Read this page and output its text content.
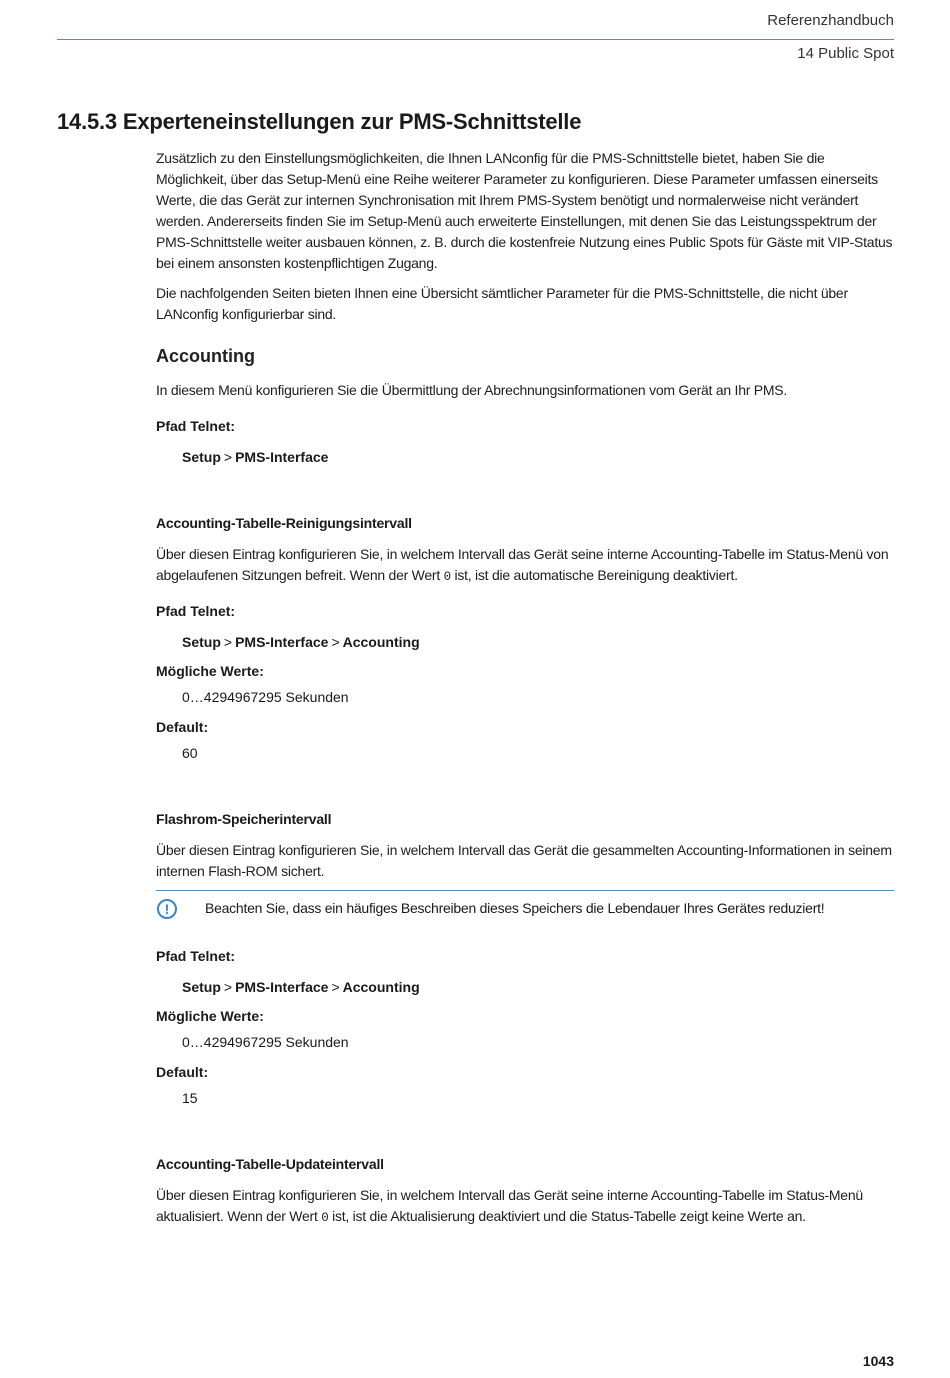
Referenzhandbuch
14 Public Spot
14.5.3 Experteneinstellungen zur PMS-Schnittstelle
Zusätzlich zu den Einstellungsmöglichkeiten, die Ihnen LANconfig für die PMS-Schnittstelle bietet, haben Sie die Möglichkeit, über das Setup-Menü eine Reihe weiterer Parameter zu konfigurieren. Diese Parameter umfassen einerseits Werte, die das Gerät zur internen Synchronisation mit Ihrem PMS-System benötigt und normalerweise nicht verändert werden. Andererseits finden Sie im Setup-Menü auch erweiterte Einstellungen, mit denen Sie das Leistungsspektrum der PMS-Schnittstelle weiter ausbauen können, z. B. durch die kostenfreie Nutzung eines Public Spots für Gäste mit VIP-Status bei einem ansonsten kostenpflichtigen Zugang.
Die nachfolgenden Seiten bieten Ihnen eine Übersicht sämtlicher Parameter für die PMS-Schnittstelle, die nicht über LANconfig konfigurierbar sind.
Accounting
In diesem Menü konfigurieren Sie die Übermittlung der Abrechnungsinformationen vom Gerät an Ihr PMS.
Pfad Telnet:
Setup > PMS-Interface
Accounting-Tabelle-Reinigungsintervall
Über diesen Eintrag konfigurieren Sie, in welchem Intervall das Gerät seine interne Accounting-Tabelle im Status-Menü von abgelaufenen Sitzungen befreit. Wenn der Wert 0 ist, ist die automatische Bereinigung deaktiviert.
Pfad Telnet:
Setup > PMS-Interface > Accounting
Mögliche Werte:
0…4294967295 Sekunden
Default:
60
Flashrom-Speicherintervall
Über diesen Eintrag konfigurieren Sie, in welchem Intervall das Gerät die gesammelten Accounting-Informationen in seinem internen Flash-ROM sichert.
!	Beachten Sie, dass ein häufiges Beschreiben dieses Speichers die Lebendauer Ihres Gerätes reduziert!
Pfad Telnet:
Setup > PMS-Interface > Accounting
Mögliche Werte:
0…4294967295 Sekunden
Default:
15
Accounting-Tabelle-Updateintervall
Über diesen Eintrag konfigurieren Sie, in welchem Intervall das Gerät seine interne Accounting-Tabelle im Status-Menü aktualisiert. Wenn der Wert 0 ist, ist die Aktualisierung deaktiviert und die Status-Tabelle zeigt keine Werte an.
1043
